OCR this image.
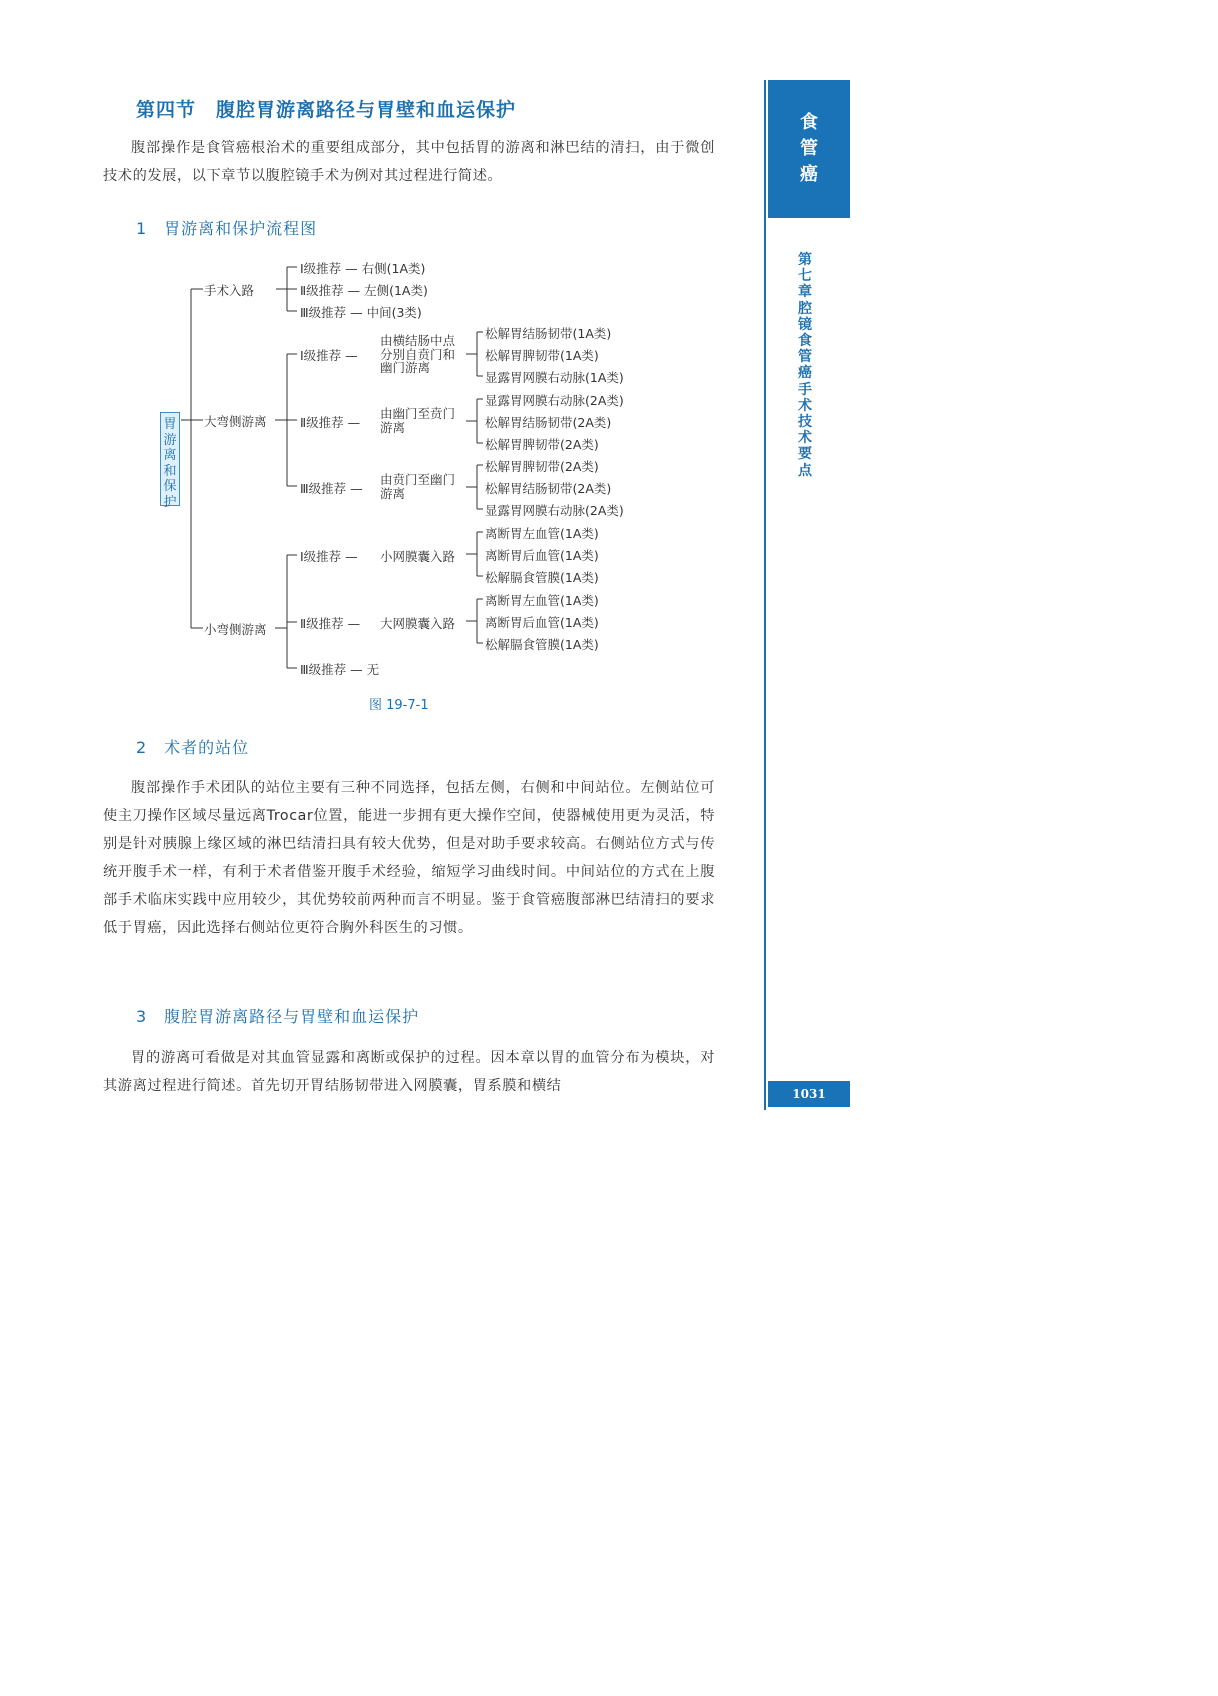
第四节　腹腔胃游离路径与胃壁和血运保护
腹部操作是食管癌根治术的重要组成部分，其中包括胃的游离和淋巴结的清扫，由于微创技术的发展，以下章节以腹腔镜手术为例对其过程进行简述。
1　胃游离和保护流程图
胃游离和保护
手术入路
Ⅰ级推荐 — 右侧(1A类)
Ⅱ级推荐 — 左侧(1A类)
Ⅲ级推荐 — 中间(3类)
大弯侧游离
Ⅰ级推荐 —
由横结肠中点分别自贲门和幽门游离
松解胃结肠韧带(1A类)
松解胃脾韧带(1A类)
显露胃网膜右动脉(1A类)
Ⅱ级推荐 —
由幽门至贲门游离
显露胃网膜右动脉(2A类)
松解胃结肠韧带(2A类)
松解胃脾韧带(2A类)
Ⅲ级推荐 —
由贲门至幽门游离
松解胃脾韧带(2A类)
松解胃结肠韧带(2A类)
显露胃网膜右动脉(2A类)
小弯侧游离
Ⅰ级推荐 — 小网膜囊入路
离断胃左血管(1A类)
离断胃后血管(1A类)
松解膈食管膜(1A类)
Ⅱ级推荐 — 大网膜囊入路
离断胃左血管(1A类)
离断胃后血管(1A类)
松解膈食管膜(1A类)
Ⅲ级推荐 — 无
图 19-7-1
2　术者的站位
腹部操作手术团队的站位主要有三种不同选择，包括左侧，右侧和中间站位。左侧站位可使主刀操作区域尽量远离Trocar位置，能进一步拥有更大操作空间，使器械使用更为灵活，特别是针对胰腺上缘区域的淋巴结清扫具有较大优势，但是对助手要求较高。右侧站位方式与传统开腹手术一样，有利于术者借鉴开腹手术经验，缩短学习曲线时间。中间站位的方式在上腹部手术临床实践中应用较少，其优势较前两种而言不明显。鉴于食管癌腹部淋巴结清扫的要求低于胃癌，因此选择右侧站位更符合胸外科医生的习惯。
3　腹腔胃游离路径与胃壁和血运保护
胃的游离可看做是对其血管显露和离断或保护的过程。因本章以胃的血管分布为模块，对其游离过程进行简述。首先切开胃结肠韧带进入网膜囊，胃系膜和横结
食
管
癌
第七章　腔镜食管癌手术技术要点
1031
